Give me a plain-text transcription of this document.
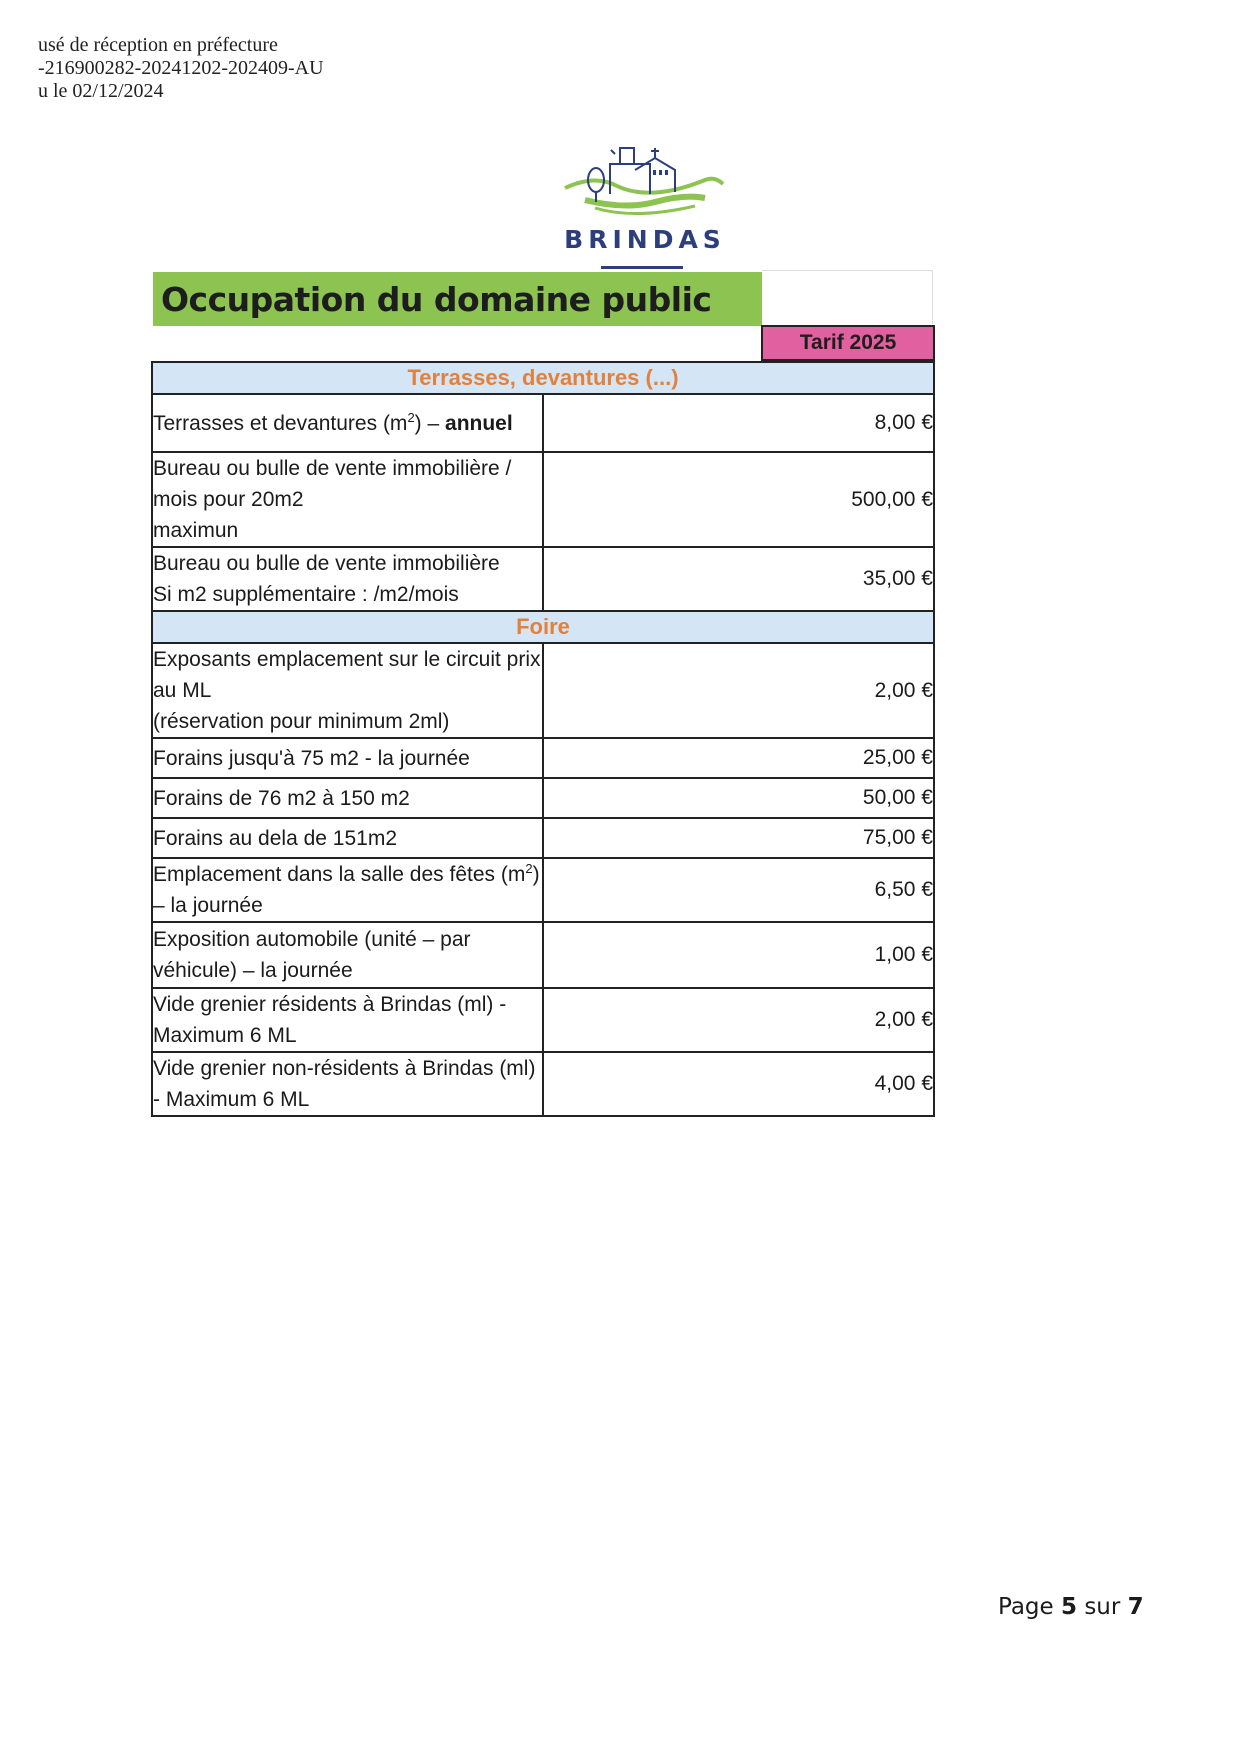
usé de réception en préfecture
-216900282-20241202-202409-AU
u le 02/12/2024
BRINDAS
Occupation du domaine public
Tarif 2025
Terrasses, devantures (...)	
Terrasses et devantures $(m^2)$ – annuel	8,00 €

Bureau ou bulle de vente immobilière / mois pour 20m2
maximun	500,00 €

Bureau ou bulle de vente immobilière
Si m2 supplémentaire : /m2/mois	35,00 €
Foire	

Exposants emplacement sur le circuit prix au ML
(réservation pour minimum 2ml)	2,00 €
Forains jusqu'à 75 m2 - la journée	25,00 €
Forains de 76 m2 à 150 m2	50,00 €
Forains au dela de 151m2	75,00 €
Emplacement dans la salle des fêtes $(m^2)$ – la journée	6,50 €
Exposition automobile (unité – par véhicule) – la journée	1,00 €
Vide grenier résidents à Brindas (ml) - Maximum 6 ML	2,00 €
Vide grenier non-résidents à Brindas (ml) - Maximum 6 ML	4,00 €
Page 5 sur 7
